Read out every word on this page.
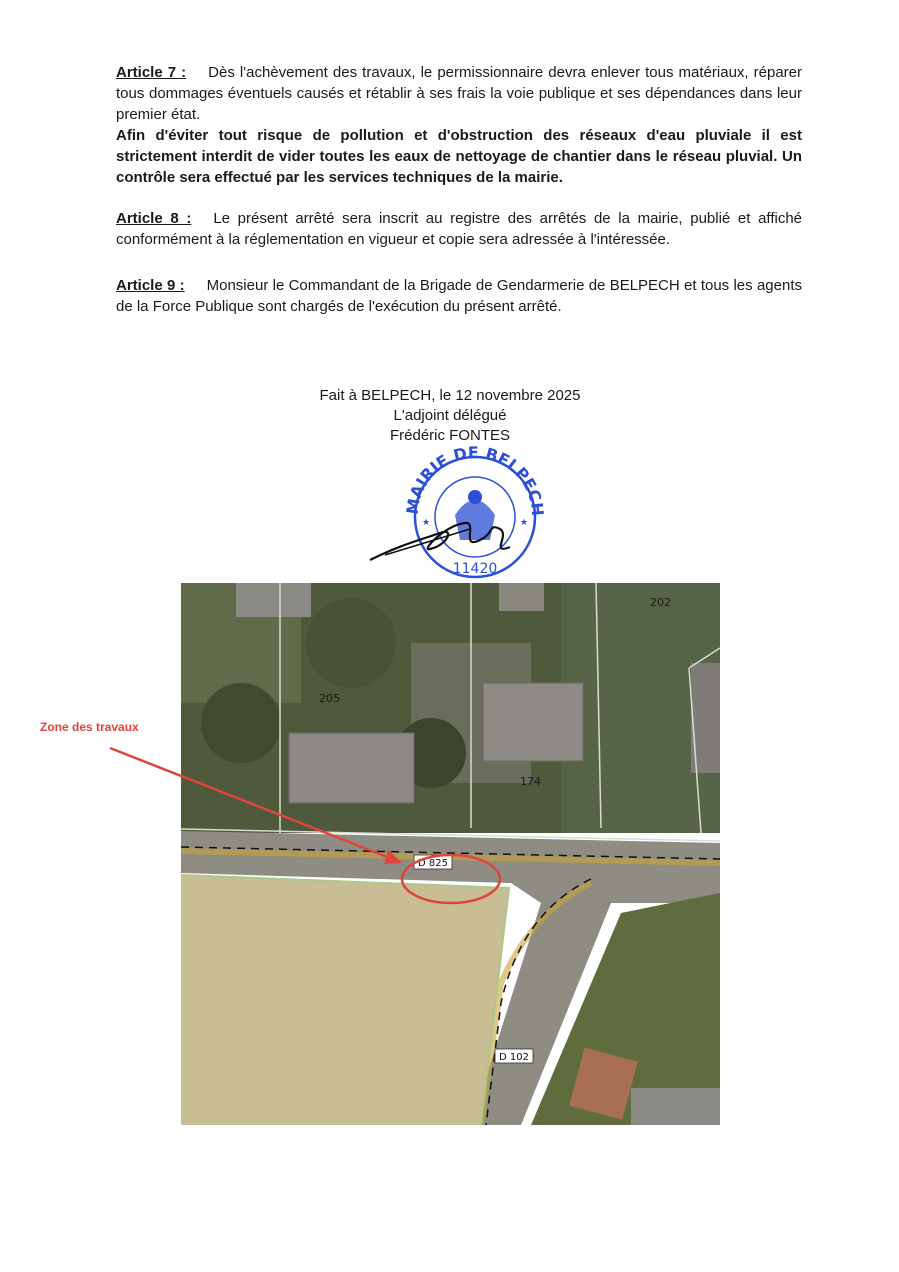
Article 7 : Dès l'achèvement des travaux, le permissionnaire devra enlever tous matériaux, réparer tous dommages éventuels causés et rétablir à ses frais la voie publique et ses dépendances dans leur premier état.
Afin d'éviter tout risque de pollution et d'obstruction des réseaux d'eau pluviale il est strictement interdit de vider toutes les eaux de nettoyage de chantier dans le réseau pluvial. Un contrôle sera effectué par les services techniques de la mairie.
Article 8 : Le présent arrêté sera inscrit au registre des arrêtés de la mairie, publié et affiché conformément à la réglementation en vigueur et copie sera adressée à l'intéressée.
Article 9 : Monsieur le Commandant de la Brigade de Gendarmerie de BELPECH et tous les agents de la Force Publique sont chargés de l'exécution du présent arrêté.
Fait à BELPECH, le 12 novembre 2025
L'adjoint délégué
Frédéric FONTES
MAIRIE DE BELPECH
11420
★
★
205
174
202
D 825
D 102
Zone des travaux
